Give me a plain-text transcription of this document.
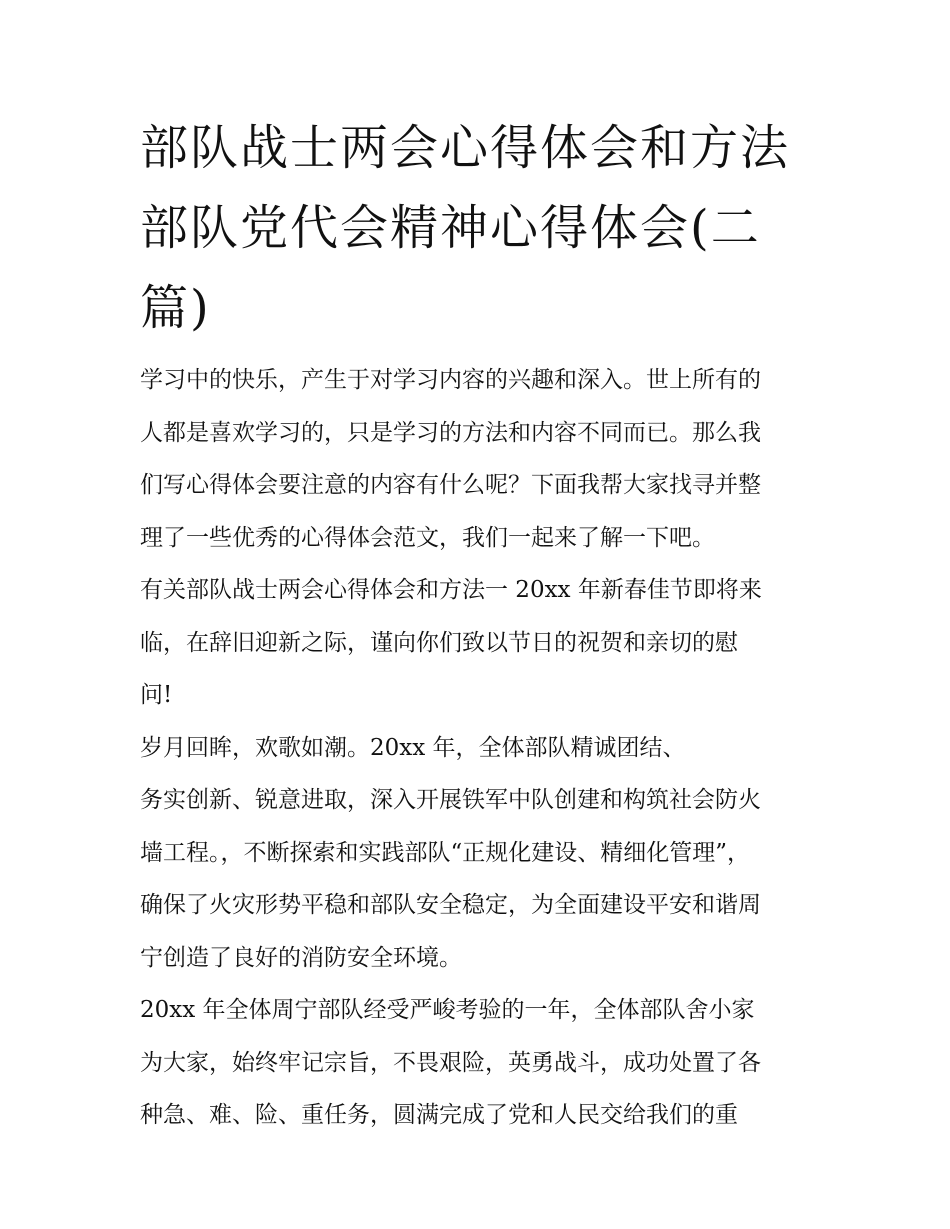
部队战士两会心得体会和方法
部队党代会精神心得体会(二
篇)
学习中的快乐，产生于对学习内容的兴趣和深入。世上所有的
人都是喜欢学习的，只是学习的方法和内容不同而已。那么我
们写心得体会要注意的内容有什么呢？下面我帮大家找寻并整
理了一些优秀的心得体会范文，我们一起来了解一下吧。
有关部队战士两会心得体会和方法一 20xx 年新春佳节即将来
临，在辞旧迎新之际，谨向你们致以节日的祝贺和亲切的慰
问!
岁月回眸，欢歌如潮。20xx 年，全体部队精诚团结、
务实创新、锐意进取，深入开展铁军中队创建和构筑社会防火
墙工程。，不断探索和实践部队“正规化建设、精细化管理”，
确保了火灾形势平稳和部队安全稳定，为全面建设平安和谐周
宁创造了良好的消防安全环境。
20xx 年全体周宁部队经受严峻考验的一年，全体部队舍小家
为大家，始终牢记宗旨，不畏艰险，英勇战斗，成功处置了各
种急、难、险、重任务，圆满完成了党和人民交给我们的重
